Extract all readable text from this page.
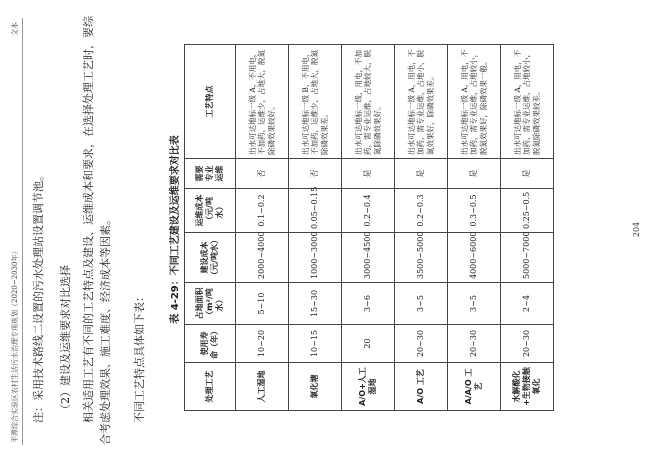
平潭综合实验区农村生活污水治理专项规划（2020~2030年）
文本
注：采用技术路线二设置的污水处理站设置调节池。 （2）建设及运维要求对比选择 相关适用工艺有不同的工艺特点及建设、运维成本和要求，在选择处理工艺时，要综合考虑处理效果、施工难度、经济成本等因素。 不同工艺特点具体如下表：
表 4-29：不同工艺建设及运维要求对比表
处理工艺	使用寿命（年）	占地面积（m²/吨水）	建设成本（元/吨水）	运维成本（元/吨水）	需要专业运维	工艺特点
人工湿地	10~20	5~10	2000~4000	0.1~0.2	否	出水可达地标一级 A，不用电，不加药，运维少，占地大，脱氮除磷效果较好。
氧化塘	10~15	15~30	1000~3000	0.05~0.15	否	出水可达地标一级 B，不用电，不加药，运维少，占地大，脱氮除磷效果差。
A/O+人工湿地	20	3~6	3000~4500	0.2~0.4	是	出水可达地标一级，用电，不加药，需专业运维，占地较大，脱氮除磷效果好。
A/O 工艺	20~30	3~5	3500~5000	0.2~0.3	是	出水可达地标一级 A，用电，不加药，需专业运维，占地小，脱氮效果好，除磷效果差。
A/A/O 工艺	20~30	3~5	4000~6000	0.3~0.5	是	出水可达地标一级 A，用电，不加药，需专业运维，占地较小，脱氮效果好，除磷效果一般。
水解酸化+生物接触氧化	20~30	2~4	5000~7000	0.25~0.5	是	出水可达地标一级 A，用电，不加药，需专业运维，占地较小，脱氮除磷效果较差。
204
